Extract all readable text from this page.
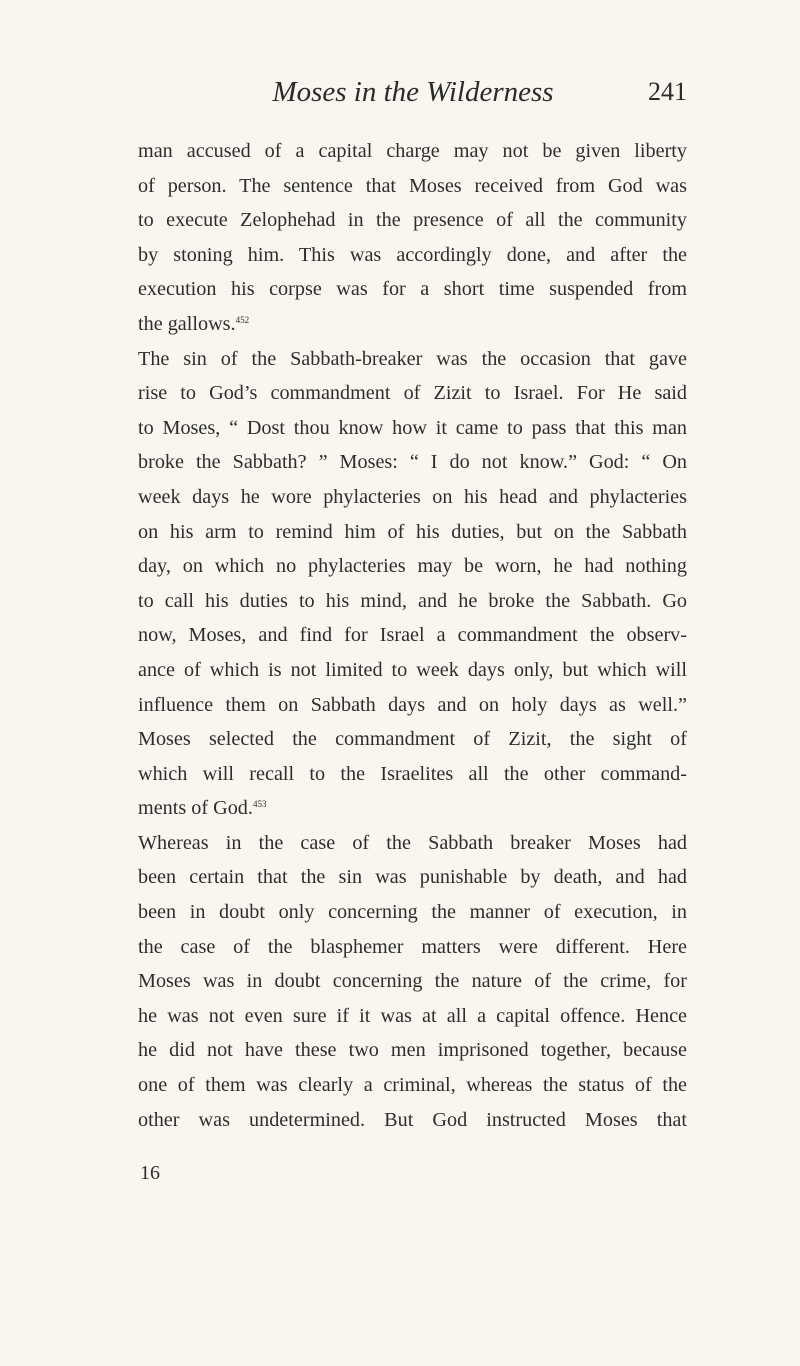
Moses in the Wilderness	241

man accused of a capital charge may not be given liberty
of person. The sentence that Moses received from God was
to execute Zelophehad in the presence of all the community
by stoning him. This was accordingly done, and after the
execution his corpse was for a short time suspended from
the gallows.$^{452}$

The sin of the Sabbath-breaker was the occasion that gave
rise to God’s commandment of Zizit to Israel. For He said
to Moses, “ Dost thou know how it came to pass that this man
broke the Sabbath? ” Moses: “ I do not know.” God: “ On
week days he wore phylacteries on his head and phylacteries
on his arm to remind him of his duties, but on the Sabbath
day, on which no phylacteries may be worn, he had nothing
to call his duties to his mind, and he broke the Sabbath. Go
now, Moses, and find for Israel a commandment the observ-
ance of which is not limited to week days only, but which will
influence them on Sabbath days and on holy days as well.”
Moses selected the commandment of Zizit, the sight of
which will recall to the Israelites all the other command-
ments of God.$^{453}$

Whereas in the case of the Sabbath breaker Moses had
been certain that the sin was punishable by death, and had
been in doubt only concerning the manner of execution, in
the case of the blasphemer matters were different. Here
Moses was in doubt concerning the nature of the crime, for
he was not even sure if it was at all a capital offence. Hence
he did not have these two men imprisoned together, because
one of them was clearly a criminal, whereas the status of the
other was undetermined. But God instructed Moses that

16
